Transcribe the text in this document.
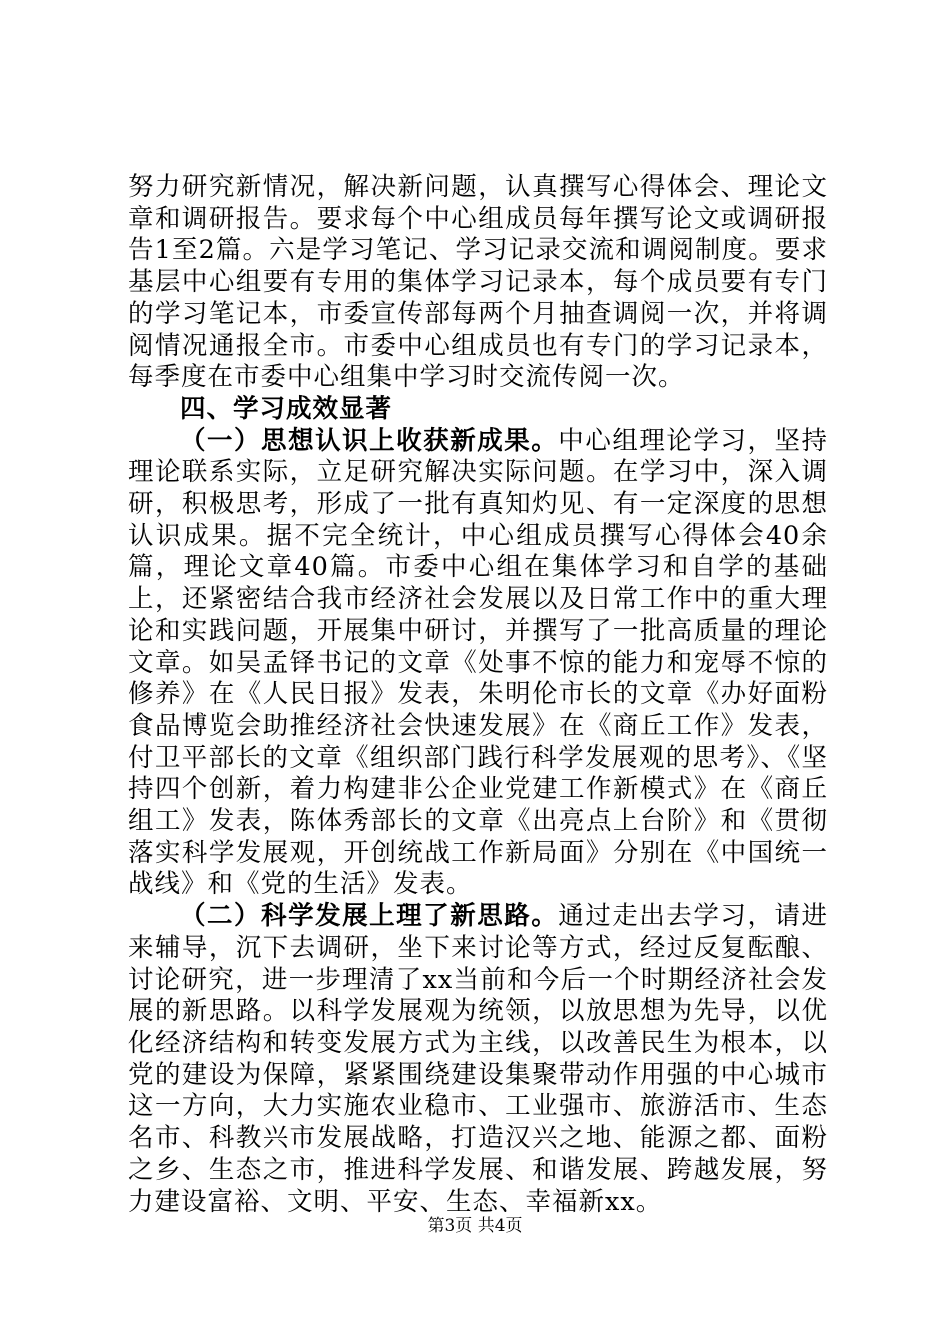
努力研究新情况，解决新问题，认真撰写心得体会、理论文章和调研报告。要求每个中心组成员每年撰写论文或调研报告1至2篇。六是学习笔记、学习记录交流和调阅制度。要求基层中心组要有专用的集体学习记录本，每个成员要有专门的学习笔记本，市委宣传部每两个月抽查调阅一次，并将调阅情况通报全市。市委中心组成员也有专门的学习记录本，每季度在市委中心组集中学习时交流传阅一次。

四、学习成效显著

（一）思想认识上收获新成果。中心组理论学习，坚持理论联系实际，立足研究解决实际问题。在学习中，深入调研，积极思考，形成了一批有真知灼见、有一定深度的思想认识成果。据不完全统计，中心组成员撰写心得体会40余篇，理论文章40篇。市委中心组在集体学习和自学的基础上，还紧密结合我市经济社会发展以及日常工作中的重大理论和实践问题，开展集中研讨，并撰写了一批高质量的理论文章。如吴孟铎书记的文章《处事不惊的能力和宠辱不惊的修养》在《人民日报》发表，朱明伦市长的文章《办好面粉食品博览会助推经济社会快速发展》在《商丘工作》发表，付卫平部长的文章《组织部门践行科学发展观的思考》、《坚持四个创新，着力构建非公企业党建工作新模式》在《商丘组工》发表，陈体秀部长的文章《出亮点上台阶》和《贯彻落实科学发展观，开创统战工作新局面》分别在《中国统一战线》和《党的生活》发表。

（二）科学发展上理了新思路。通过走出去学习，请进来辅导，沉下去调研，坐下来讨论等方式，经过反复酝酿、讨论研究，进一步理清了xx当前和今后一个时期经济社会发展的新思路。以科学发展观为统领，以放思想为先导，以优化经济结构和转变发展方式为主线，以改善民生为根本，以党的建设为保障，紧紧围绕建设集聚带动作用强的中心城市这一方向，大力实施农业稳市、工业强市、旅游活市、生态名市、科教兴市发展战略，打造汉兴之地、能源之都、面粉之乡、生态之市，推进科学发展、和谐发展、跨越发展，努力建设富裕、文明、平安、生态、幸福新xx。

第3页 共4页
